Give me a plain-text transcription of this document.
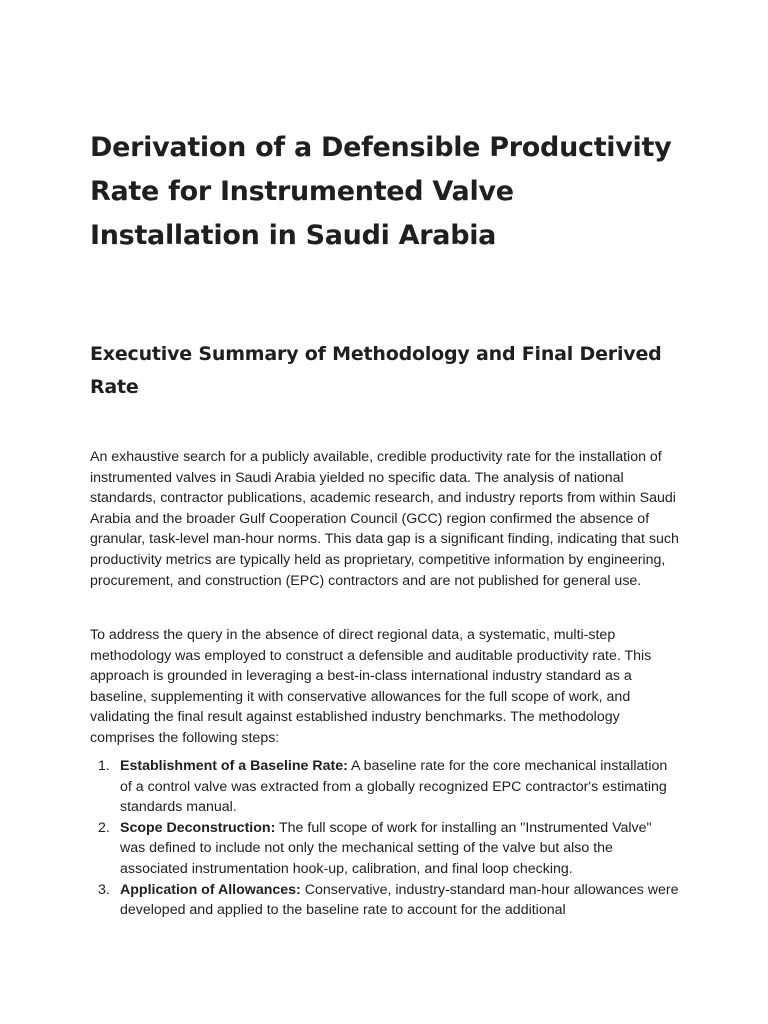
Derivation of a Defensible Productivity Rate for Instrumented Valve Installation in Saudi Arabia
Executive Summary of Methodology and Final Derived Rate

An exhaustive search for a publicly available, credible productivity rate for the installation of instrumented valves in Saudi Arabia yielded no specific data. The analysis of national standards, contractor publications, academic research, and industry reports from within Saudi Arabia and the broader Gulf Cooperation Council (GCC) region confirmed the absence of granular, task-level man-hour norms. This data gap is a significant finding, indicating that such productivity metrics are typically held as proprietary, competitive information by engineering, procurement, and construction (EPC) contractors and are not published for general use.

To address the query in the absence of direct regional data, a systematic, multi-step methodology was employed to construct a defensible and auditable productivity rate. This approach is grounded in leveraging a best-in-class international industry standard as a baseline, supplementing it with conservative allowances for the full scope of work, and validating the final result against established industry benchmarks. The methodology comprises the following steps:

1. Establishment of a Baseline Rate: A baseline rate for the core mechanical installation of a control valve was extracted from a globally recognized EPC contractor's estimating standards manual.
2. Scope Deconstruction: The full scope of work for installing an "Instrumented Valve" was defined to include not only the mechanical setting of the valve but also the associated instrumentation hook-up, calibration, and final loop checking.
3. Application of Allowances: Conservative, industry-standard man-hour allowances were developed and applied to the baseline rate to account for the additional
